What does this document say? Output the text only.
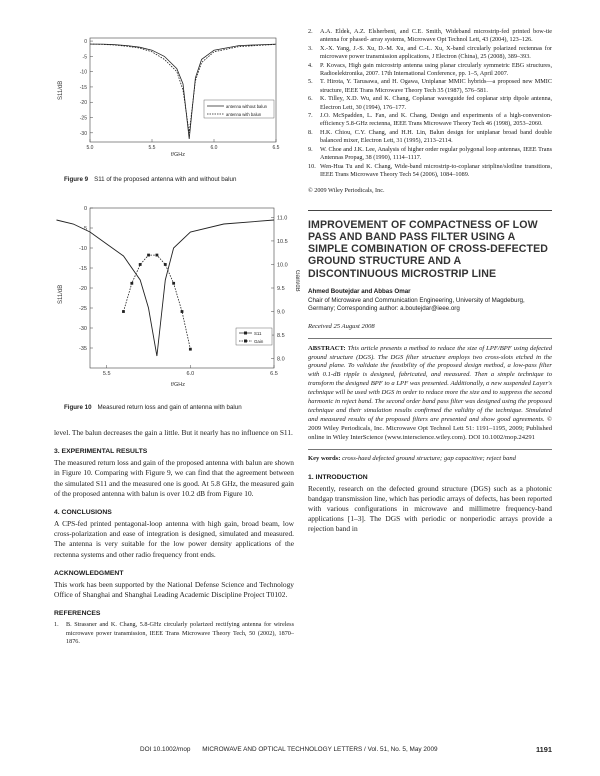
S11/dB
f/GHz
0
-5
-10
-15
-20
-25
-30
5.0	5.5	6.0	6.5
antenna without balun
antenna with balun
Figure 9 S11 of the proposed antenna with and without balun
S11/dB
Gain/dB
f/GHz
0
-5
-10
-15
-20
-25
-30
-35
11.0
10.5
10.0
9.5
9.0
8.5
8.0
5.5	6.0	6.5
S11
Gain
Figure 10 Measured return loss and gain of antenna with balun

level. The balun decreases the gain a little. But it nearly has no influence on S11.

3. EXPERIMENTAL RESULTS

The measured return loss and gain of the proposed antenna with balun are shown in Figure 10. Comparing with Figure 9, we can find that the agreement between the simulated S11 and the measured one is good. At 5.8 GHz, the measured gain of the proposed antenna with balun is over 10.2 dB from Figure 10.

4. CONCLUSIONS

A CPS-fed printed pentagonal-loop antenna with high gain, broad beam, low cross-polarization and ease of integration is designed, simulated and measured. The antenna is very suitable for the low power density applications of the rectenna systems and other radio frequency front ends.

ACKNOWLEDGMENT

This work has been supported by the National Defense Science and Technology Office of Shanghai and Shanghai Leading Academic Discipline Project T0102.

REFERENCES

1. B. Strassner and K. Chang, 5.8-GHz circularly polarized rectifying antenna for wireless microwave power transmission, IEEE Trans Microwave Theory Tech, 50 (2002), 1870–1876.
2. A.A. Eldek, A.Z. Elsherbeni, and C.E. Smith, Wideband microstrip-fed printed bow-tie antenna for phased- array systems, Microwave Opt Technol Lett, 43 (2004), 123–126.
3. X.-X. Yang, J.-S. Xu, D.-M. Xu, and C.-L. Xu, X-band circularly polarized rectennas for microwave power transmission applications, J Electron (China), 25 (2008), 389–393.
4. P. Kovacs, High gain microstrip antenna using planar circularly symmetric EBG structures, Radioelektronika, 2007. 17th International Conference, pp. 1–5, April 2007.
5. T. Hirota, Y. Tarusawa, and H. Ogawa, Uniplanar MMIC hybrids—a proposed new MMIC structure, IEEE Trans Microwave Theory Tech 35 (1987), 576–581.
6. K. Tilley, X.D. Wu, and K. Chang, Coplanar waveguide fed coplanar strip dipole antenna, Electron Lett, 30 (1994), 176–177.
7. J.O. McSpadden, L. Fan, and K. Chang, Design and experiments of a high-conversion-efficiency 5.8-GHz rectenna, IEEE Trans Microwave Theory Tech 46 (1998), 2053–2060.
8. H.K. Chiou, C.Y. Chang, and H.H. Lin, Balun design for uniplanar broad band double balanced mixer, Electron Lett, 31 (1995), 2113–2114.
9. W. Choe and J.K. Lee, Analysis of higher order regular polygonal loop antennas, IEEE Trans Antennas Propag, 38 (1990), 1114–1117.
10. Wen-Hua Tu and K. Chang, Wide-band microstrip-to-coplanar stripline/slotline transitions, IEEE Trans Microwave Theory Tech 54 (2006), 1084–1089.

© 2009 Wiley Periodicals, Inc.

IMPROVEMENT OF COMPACTNESS OF LOW PASS AND BAND PASS FILTER USING A SIMPLE COMBINATION OF CROSS-DEFECTED GROUND STRUCTURE AND A DISCONTINUOUS MICROSTRIP LINE

Ahmed Boutejdar and Abbas Omar

Chair of Microwave and Communication Engineering, University of Magdeburg, Germany; Corresponding author: a.boutejdar@ieee.org

Received 25 August 2008

ABSTRACT: This article presents a method to reduce the size of LPF/BPF using defected ground structure (DGS). The DGS filter structure employs two cross-slots etched in the ground plane. To validate the feasibility of the proposed design method, a low-pass filter with 0.1-dB ripple is designed, fabricated, and measured. Then a simple technique to transform the designed BPF to a LPF was presented. Additionally, a new suspended Layer's technique will be used with DGS in order to reduce more the size and to suppress the second harmonic in reject band. The second order band pass filter was designed using the proposed technique and their simulation results confirmed the validity of the technique. Simulated and measured results of the proposed filters are presented and show good agreements. © 2009 Wiley Periodicals, Inc. Microwave Opt Technol Lett 51: 1191–1195, 2009; Published online in Wiley InterScience (www.interscience.wiley.com). DOI 10.1002/mop.24291

Key words: cross-haed defected ground structure; gap capacitive; reject band

1. INTRODUCTION

Recently, research on the defected ground structure (DGS) such as a photonic bandgap transmission line, which has periodic arrays of defects, has been reported with various configurations in microwave and millimetre frequency-band applications [1–3]. The DGS with periodic or nonperiodic arrays provide a rejection band in

DOI 10.1002/mop MICROWAVE AND OPTICAL TECHNOLOGY LETTERS / Vol. 51, No. 5, May 2009	1191
